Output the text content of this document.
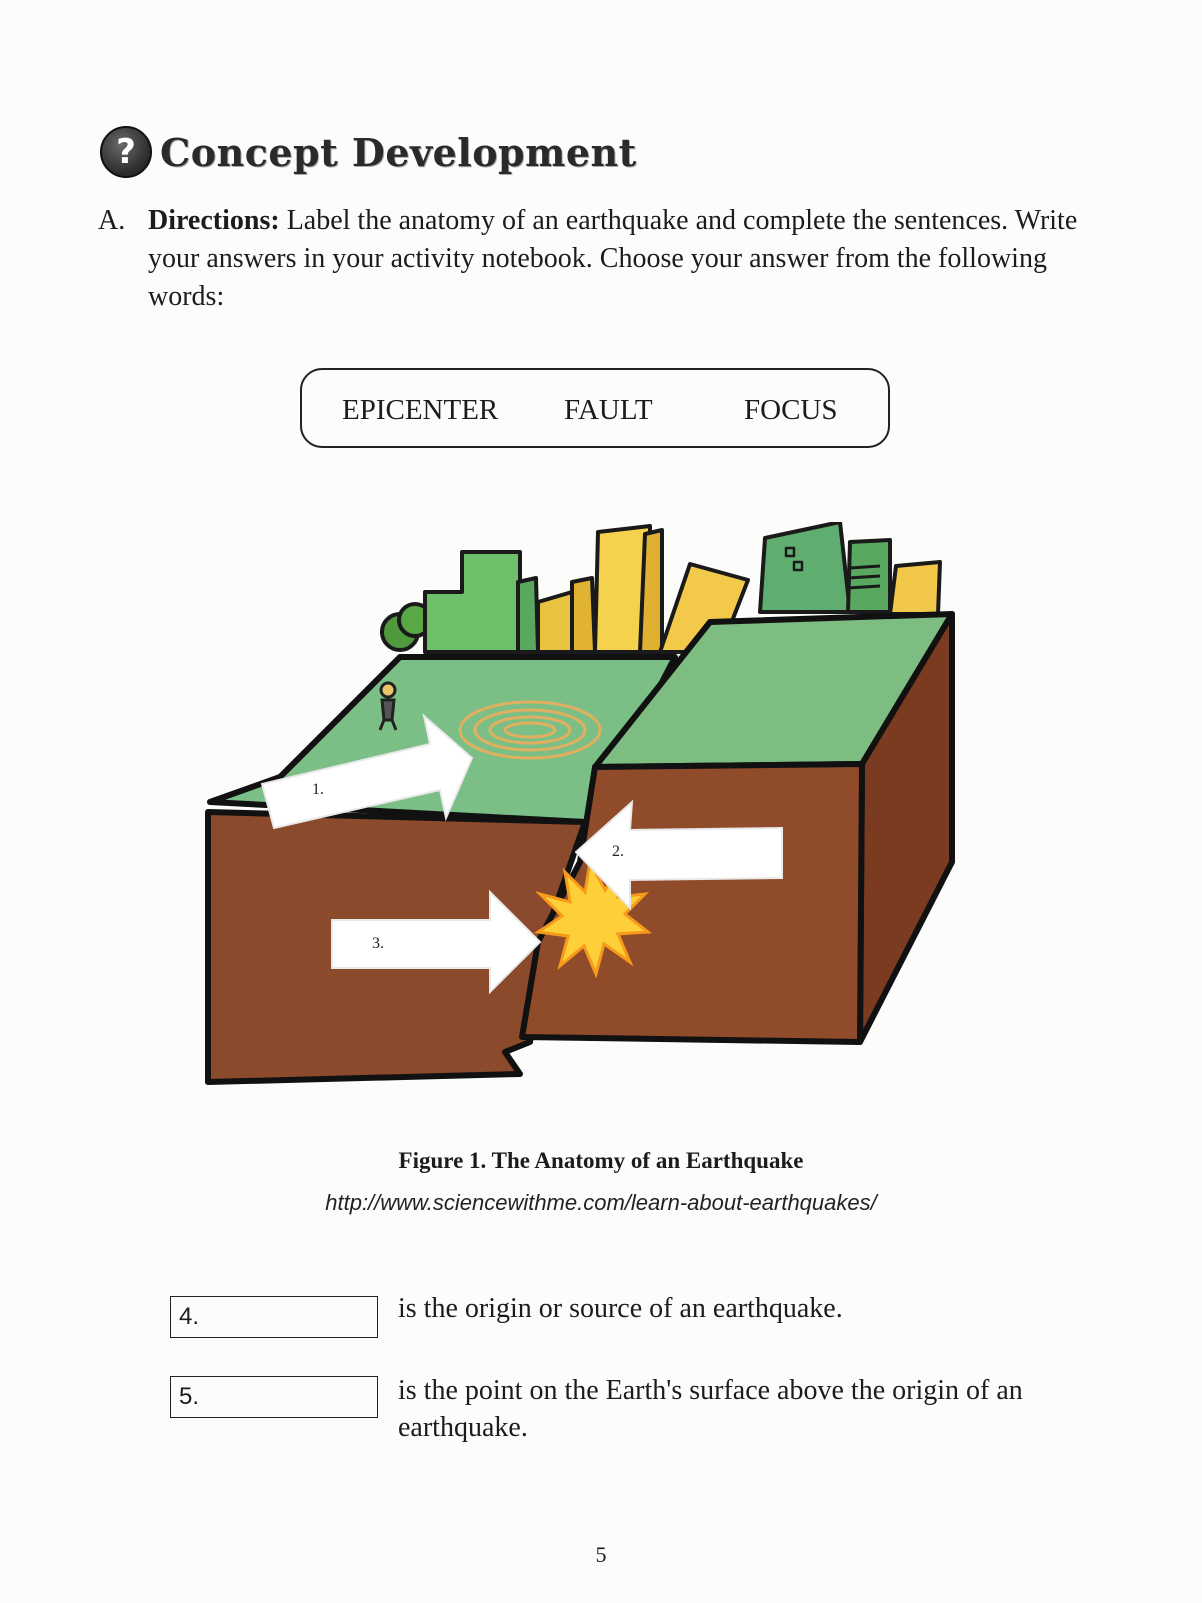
? Concept Development
A. Directions: Label the anatomy of an earthquake and complete the sentences. Write your answers in your activity notebook. Choose your answer from the following words:
EPICENTER FAULT	FOCUS
1.
2.
3.
Figure 1. The Anatomy of an Earthquake
http://www.sciencewithme.com/learn-about-earthquakes/
4.	is the origin or source of an earthquake.
5.	is the point on the Earth's surface above the origin of an earthquake.
5
